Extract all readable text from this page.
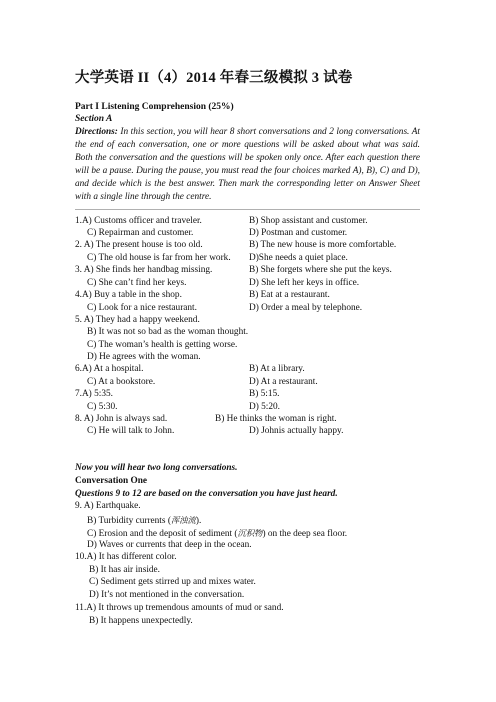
大学英语 II（4）2014 年春三级模拟 3 试卷
Part I Listening Comprehension (25%)
Section A
Directions: In this section, you will hear 8 short conversations and 2 long conversations. At the end of each conversation, one or more questions will be asked about what was said. Both the conversation and the questions will be spoken only once. After each question there will be a pause. During the pause, you must read the four choices marked A), B), C) and D), and decide which is the best answer. Then mark the corresponding letter on Answer Sheet with a single line through the centre.
1.A) Customs officer and traveler.	B) Shop assistant and customer.
C) Repairman and customer.	D) Postman and customer.
2. A) The present house is too old.	B) The new house is more comfortable.
C) The old house is far from her work. D)She needs a quiet place.
3. A) She finds her handbag missing.	B) She forgets where she put the keys.
C) She can’t find her keys.	D) She left her keys in office.
4.A) Buy a table in the shop.	B) Eat at a restaurant.
C) Look for a nice restaurant.	D) Order a meal by telephone.
5. A) They had a happy weekend.
B) It was not so bad as the woman thought.
C) The woman’s health is getting worse.
D) He agrees with the woman.
6.A) At a hospital.	B) At a library.
C) At a bookstore.	D) At a restaurant.
7.A) 5:35.	B) 5:15.
C) 5:30.	D) 5:20.
8. A) John is always sad.	B) He thinks the woman is right.
C) He will talk to John.	D) Johnis actually happy.
Now you will hear two long conversations.
Conversation One
Questions 9 to 12 are based on the conversation you have just heard.
9. A) Earthquake.
B) Turbidity currents (浑浊流).
C) Erosion and the deposit of sediment (沉积物) on the deep sea floor.
D) Waves or currents that deep in the ocean.
10.A) It has different color.
B) It has air inside.
C) Sediment gets stirred up and mixes water.
D) It’s not mentioned in the conversation.
11.A) It throws up tremendous amounts of mud or sand.
B) It happens unexpectedly.
